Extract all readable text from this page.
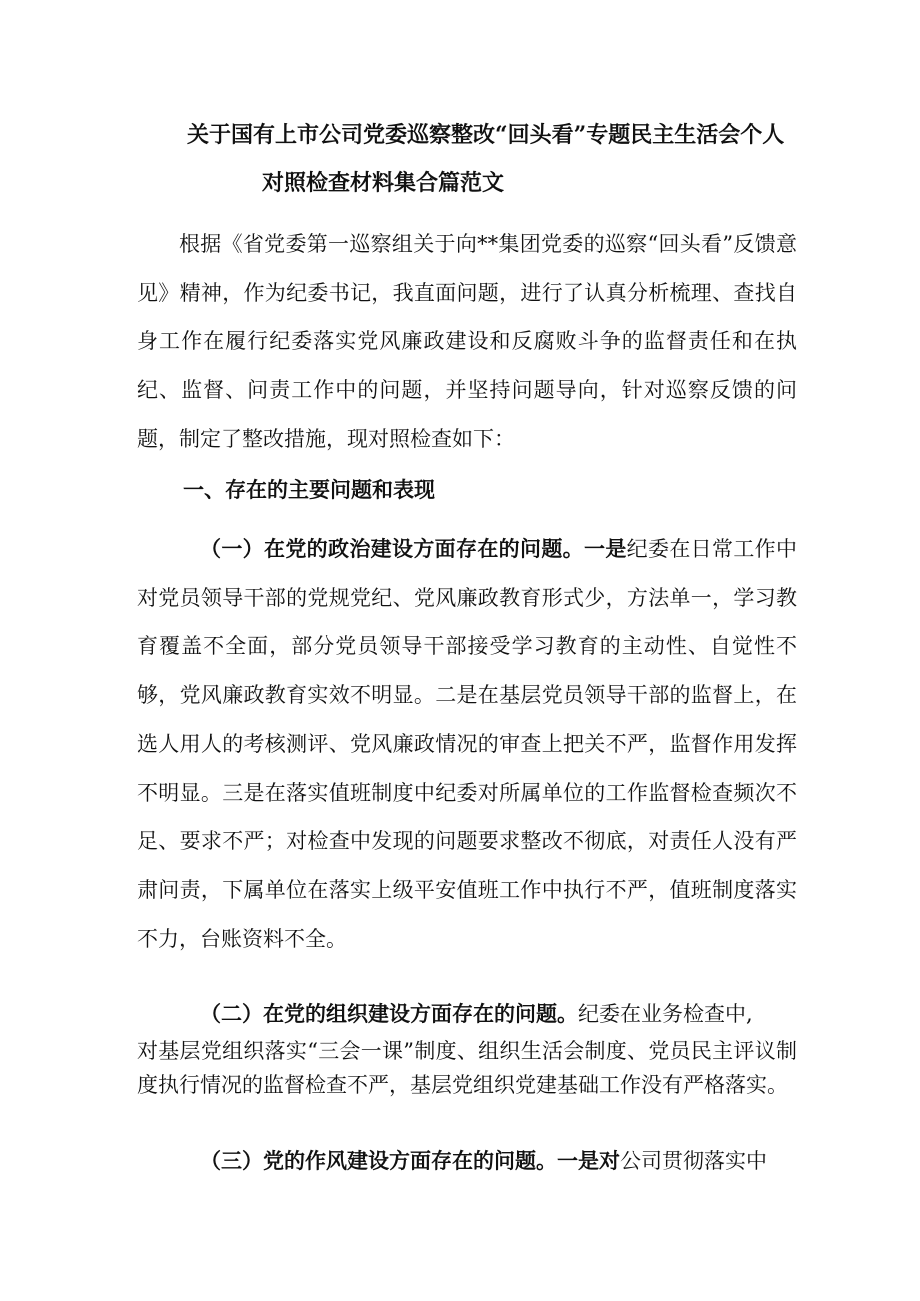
关于国有上市公司党委巡察整改“回头看”专题民主生活会个人
对照检查材料集合篇范文
根据《省党委第一巡察组关于向**集团党委的巡察“回头看”反馈意见》精神，作为纪委书记，我直面问题，进行了认真分析梳理、查找自身工作在履行纪委落实党风廉政建设和反腐败斗争的监督责任和在执纪、监督、问责工作中的问题，并坚持问题导向，针对巡察反馈的问题，制定了整改措施，现对照检查如下：
一、存在的主要问题和表现
（一）在党的政治建设方面存在的问题。一是纪委在日常工作中对党员领导干部的党规党纪、党风廉政教育形式少，方法单一，学习教育覆盖不全面，部分党员领导干部接受学习教育的主动性、自觉性不够，党风廉政教育实效不明显。二是在基层党员领导干部的监督上，在选人用人的考核测评、党风廉政情况的审查上把关不严，监督作用发挥不明显。三是在落实值班制度中纪委对所属单位的工作监督检查频次不足、要求不严；对检查中发现的问题要求整改不彻底，对责任人没有严肃问责，下属单位在落实上级平安值班工作中执行不严，值班制度落实不力，台账资料不全。
（二）在党的组织建设方面存在的问题。纪委在业务检查中,
对基层党组织落实“三会一课”制度、组织生活会制度、党员民主评议制度执行情况的监督检查不严，基层党组织党建基础工作没有严格落实。
（三）党的作风建设方面存在的问题。一是对公司贯彻落实中
